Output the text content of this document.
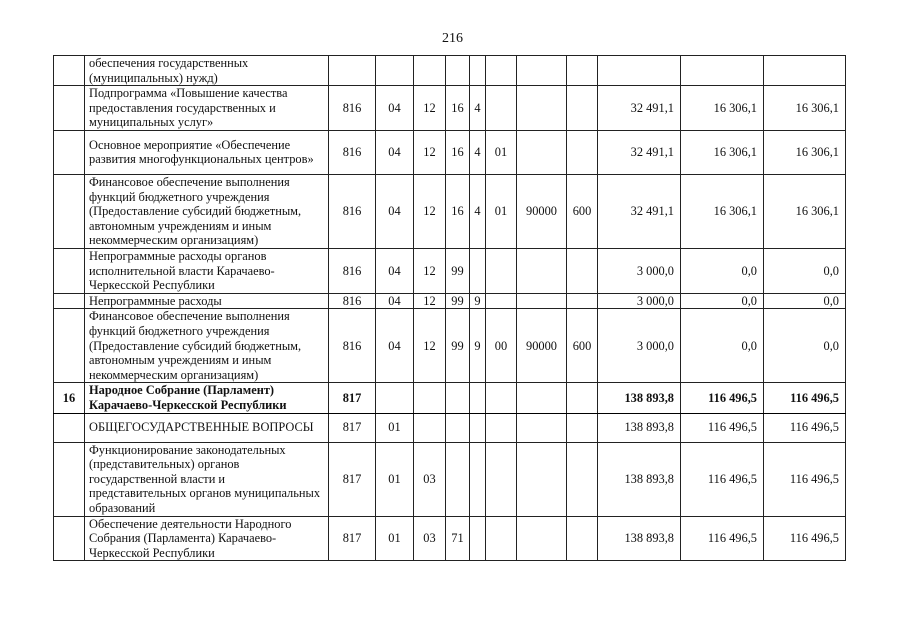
216
	обеспечения государственных (муниципальных) нужд)											
	Подпрограмма «Повышение качества предоставления государственных и муниципальных услуг»	816	04	12	16	4				32 491,1	16 306,1	16 306,1
	Основное мероприятие «Обеспечение развития многофункциональных центров»	816	04	12	16	4	01			32 491,1	16 306,1	16 306,1
	Финансовое обеспечение выполнения функций бюджетного учреждения (Предоставление субсидий бюджетным, автономным учреждениям и иным некоммерческим организациям)	816	04	12	16	4	01	90000	600	32 491,1	16 306,1	16 306,1
	Непрограммные расходы органов исполнительной власти Карачаево-Черкесской Республики	816	04	12	99					3 000,0	0,0	0,0
	Непрограммные расходы	816	04	12	99	9				3 000,0	0,0	0,0
	Финансовое обеспечение выполнения функций бюджетного учреждения (Предоставление субсидий бюджетным, автономным учреждениям и иным некоммерческим организациям)	816	04	12	99	9	00	90000	600	3 000,0	0,0	0,0
16	Народное Собрание (Парламент) Карачаево-Черкесской Республики	817								138 893,8	116 496,5	116 496,5
	ОБЩЕГОСУДАРСТВЕННЫЕ ВОПРОСЫ	817	01							138 893,8	116 496,5	116 496,5
	Функционирование законодательных (представительных) органов государственной власти и представительных органов муниципальных образований	817	01	03						138 893,8	116 496,5	116 496,5
	Обеспечение деятельности Народного Собрания (Парламента) Карачаево-Черкесской Республики	817	01	03	71					138 893,8	116 496,5	116 496,5
